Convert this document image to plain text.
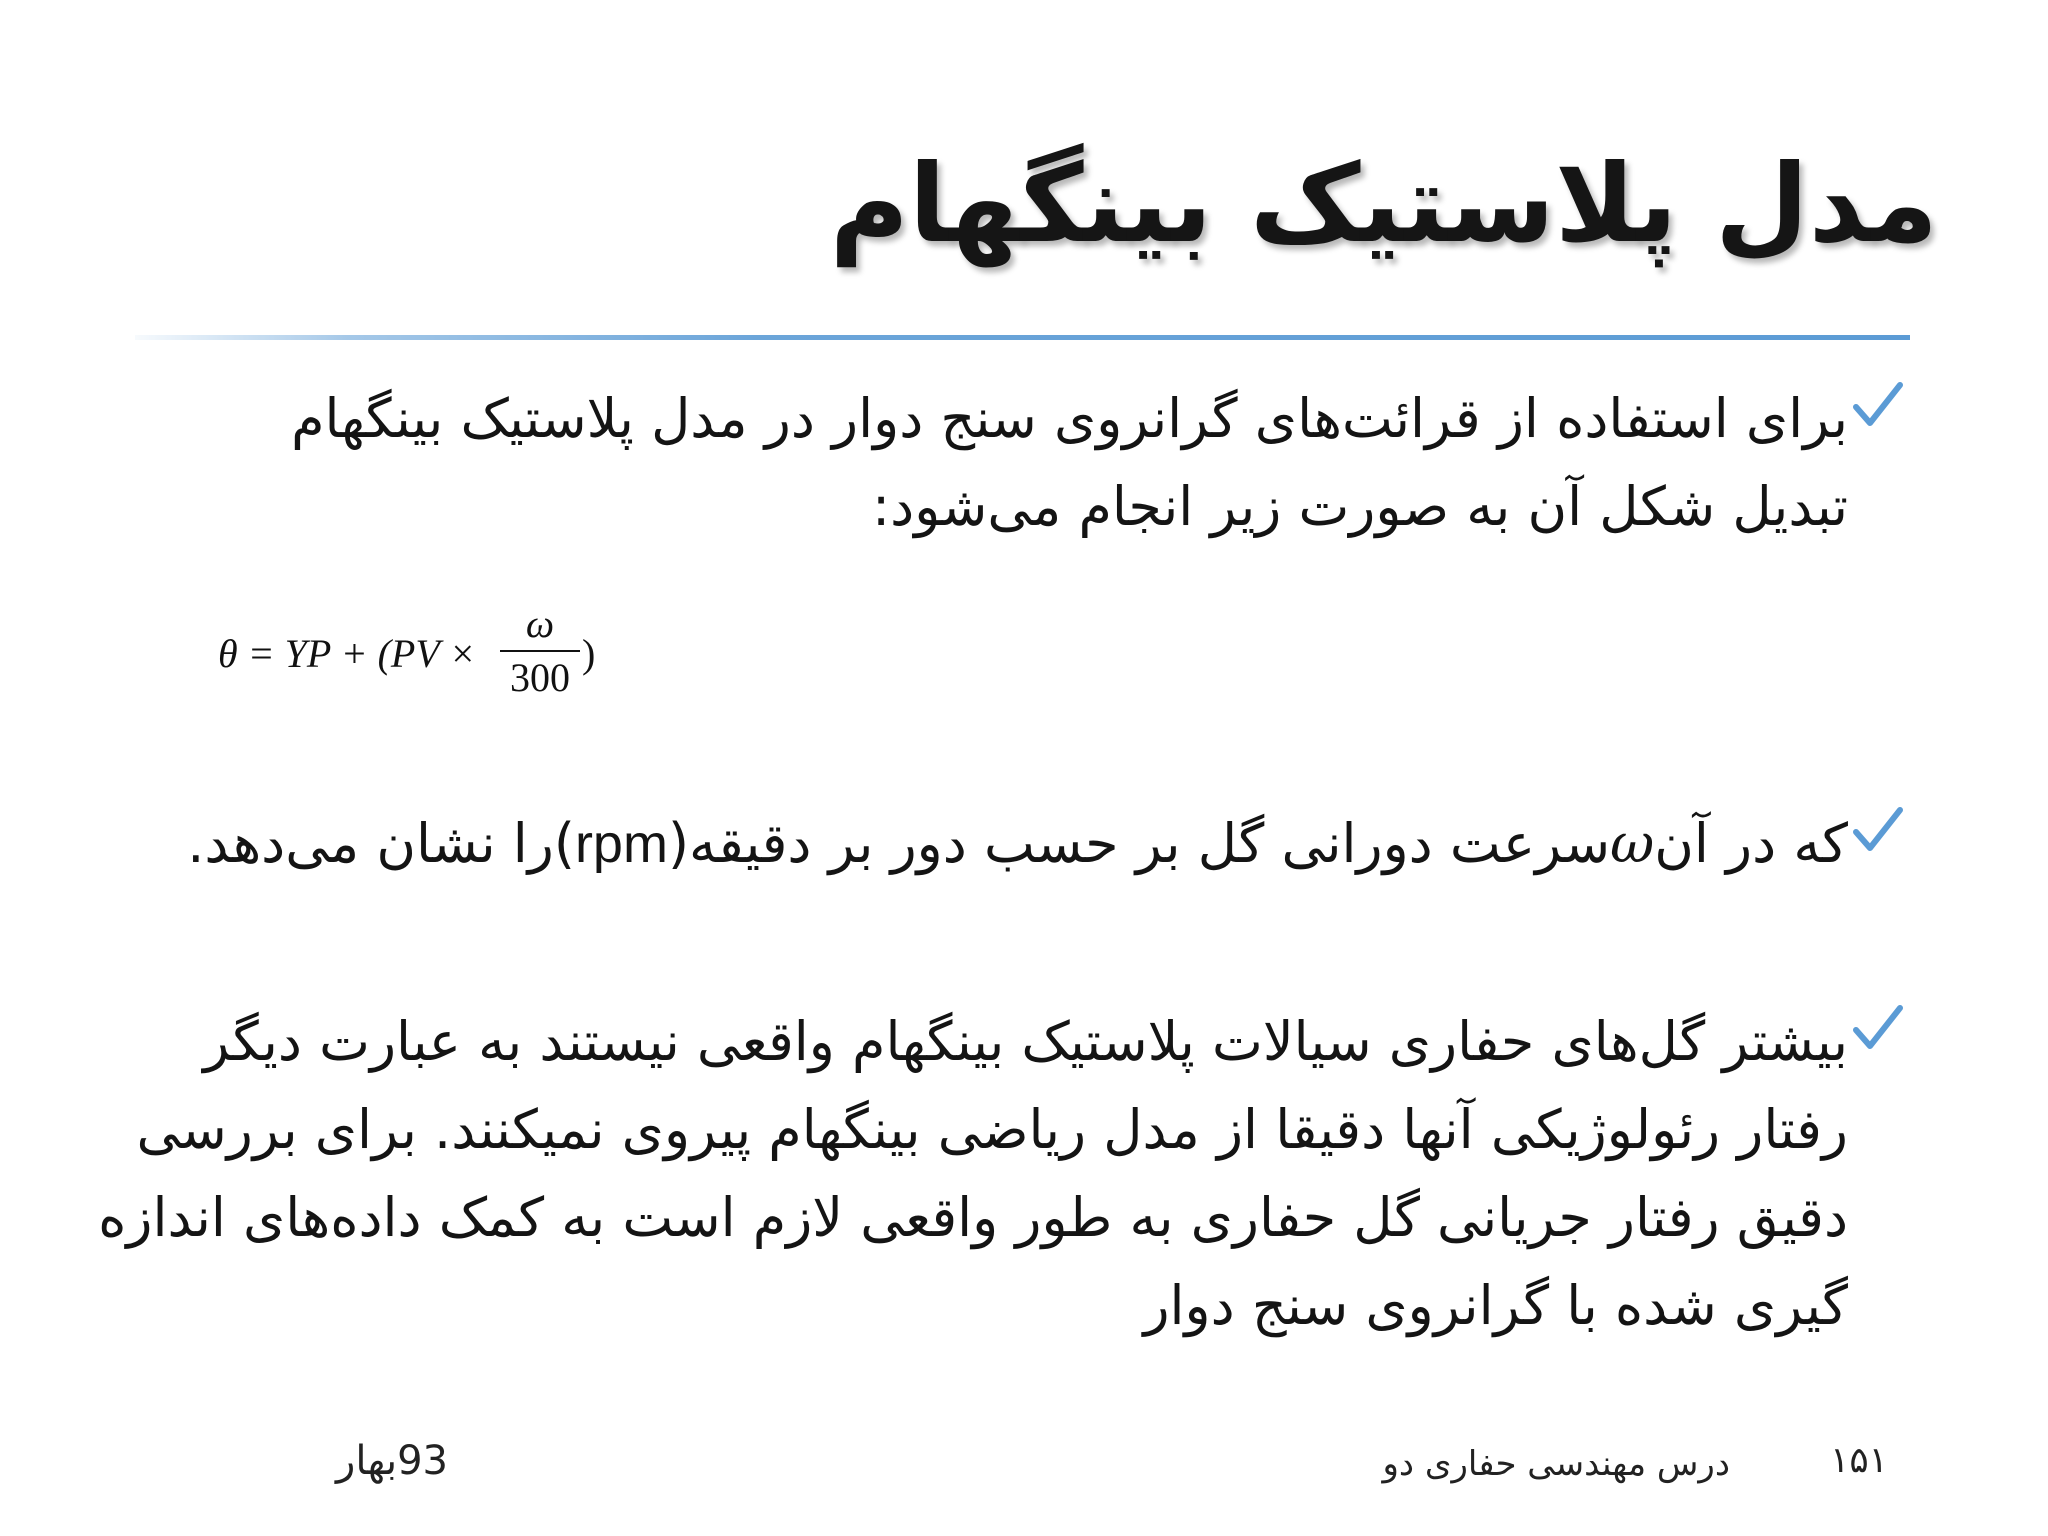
مدل پلاستیک بینگهام
برای استفاده از قرائت‌های گرانروی سنج دوار در مدل پلاستیک بینگهام تبدیل شکل آن به صورت زیر انجام می‌شود:
θ = YP + (PV ×
ω
300
)
که در آنωسرعت دورانی گل بر حسب دور بر دقیقه(rpm)را نشان می‌دهد.
بیشتر گل‌های حفاری سیالات پلاستیک بینگهام واقعی نیستند به عبارت دیگر رفتار رئولوژیکی آنها دقیقا از مدل ریاضی بینگهام پیروی نمیکنند. برای بررسی دقیق رفتار جریانی گل حفاری به طور واقعی لازم است به کمک داده‌های اندازه گیری شده با گرانروی سنج دوار
۱۵۱
درس مهندسی حفاری دو
93بهار
